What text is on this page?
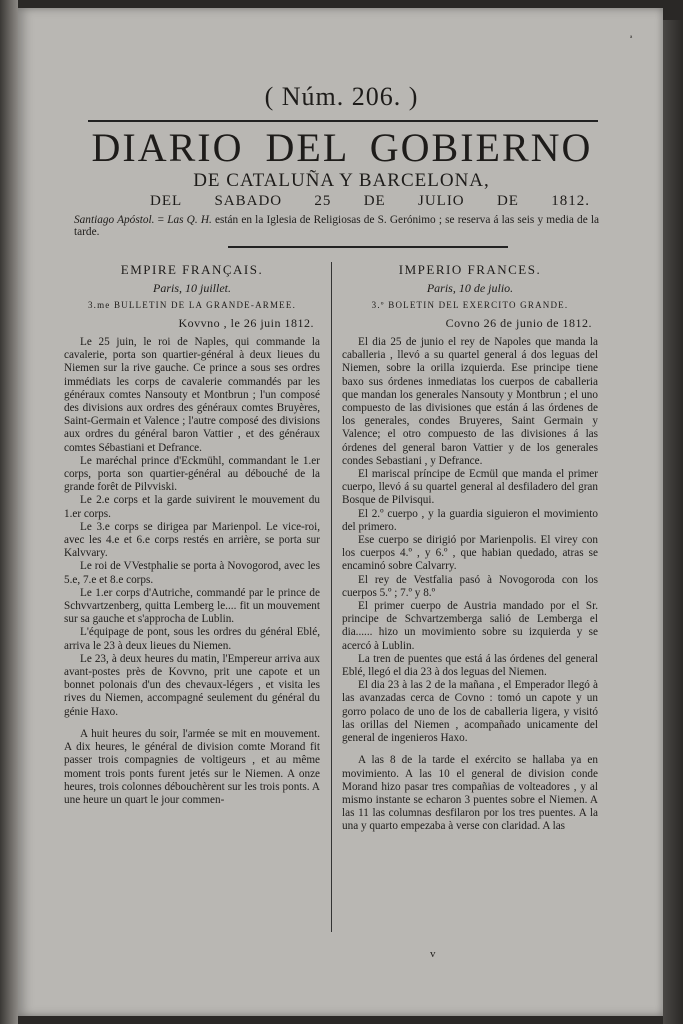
ª
( Núm. 206. )
DIARIO DEL GOBIERNO
DE CATALUÑA Y BARCELONA,
DEL SABADO 25 DE JULIO DE 1812.
Santiago Apóstol. = Las Q. H. están en la Iglesia de Religiosas de S. Gerónimo ; se reserva á las seis y media de la tarde.
EMPIRE FRANÇAIS.
Paris, 10 juillet.
3.me BULLETIN DE LA GRANDE-ARMEE.
Kovvno , le 26 juin 1812.

Le 25 juin, le roi de Naples, qui commande la cavalerie, porta son quartier-général à deux lieues du Niemen sur la rive gauche. Ce prince a sous ses ordres immédiats les corps de cavalerie commandés par les généraux comtes Nansouty et Montbrun ; l'un composé des divisions aux ordres des généraux comtes Bruyères, Saint-Germain et Valence ; l'autre composé des divisions aux ordres du général baron Vattier , et des généraux comtes Sébastiani et Defrance.

Le maréchal prince d'Eckmühl, commandant le 1.er corps, porta son quartier-général au débouché de la grande forêt de Pilvviski.

Le 2.e corps et la garde suivirent le mouvement du 1.er corps.

Le 3.e corps se dirigea par Marienpol. Le vice-roi, avec les 4.e et 6.e corps restés en arrière, se porta sur Kalvvary.

Le roi de VVestphalie se porta à Novogorod, avec les 5.e, 7.e et 8.e corps.

Le 1.er corps d'Autriche, commandé par le prince de Schvvartzenberg, quitta Lemberg le.... fit un mouvement sur sa gauche et s'approcha de Lublin.

L'équipage de pont, sous les ordres du général Eblé, arriva le 23 à deux lieues du Niemen.

Le 23, à deux heures du matin, l'Empereur arriva aux avant-postes près de Kovvno, prit une capote et un bonnet polonais d'un des chevaux-légers , et visita les rives du Niemen, accompagné seulement du général du génie Haxo.

A huit heures du soir, l'armée se mit en mouvement. A dix heures, le général de division comte Morand fit passer trois compagnies de voltigeurs , et au même moment trois ponts furent jetés sur le Niemen. A onze heures, trois colonnes débouchèrent sur les trois ponts. A une heure un quart le jour commen-

IMPERIO FRANCES.
Paris, 10 de julio.
3.º BOLETIN DEL EXERCITO GRANDE.
Covno 26 de junio de 1812.

El dia 25 de junio el rey de Napoles que manda la caballeria , llevó a su quartel general á dos leguas del Niemen, sobre la orilla izquierda. Ese principe tiene baxo sus órdenes inmediatas los cuerpos de caballeria que mandan los generales Nansouty y Montbrun ; el uno compuesto de las divisiones que están á las órdenes de los generales, condes Bruyeres, Saint Germain y Valence; el otro compuesto de las divisiones á las órdenes del general baron Vattier y de los generales condes Sebastiani , y Defrance.

El mariscal príncipe de Ecmül que manda el primer cuerpo, llevó á su quartel general al desfiladero del gran Bosque de Pilvisqui.

El 2.º cuerpo , y la guardia siguieron el movimiento del primero.

Ese cuerpo se dirigió por Marienpolis. El virey con los cuerpos 4.º , y 6.º , que habian quedado, atras se encaminó sobre Calvarry.

El rey de Vestfalia pasó à Novogoroda con los cuerpos 5.º ; 7.º y 8.º

El primer cuerpo de Austria mandado por el Sr. principe de Schvartzemberga salió de Lemberga el dia...... hizo un movimiento sobre su izquierda y se acercó à Lublin.

La tren de puentes que está á las órdenes del general Eblé, llegó el dia 23 à dos leguas del Niemen.

El dia 23 à las 2 de la mañana , el Emperador llegó à las avanzadas cerca de Covno : tomó un capote y un gorro polaco de uno de los de caballeria ligera, y visitó las orillas del Niemen , acompañado unicamente del general de ingenieros Haxo.

A las 8 de la tarde el exército se hallaba ya en movimiento. A las 10 el general de division conde Morand hizo pasar tres compañias de volteadores , y al mismo instante se echaron 3 puentes sobre el Niemen. A las 11 las columnas desfilaron por los tres puentes. A la una y quarto empezaba à verse con claridad. A las

v
